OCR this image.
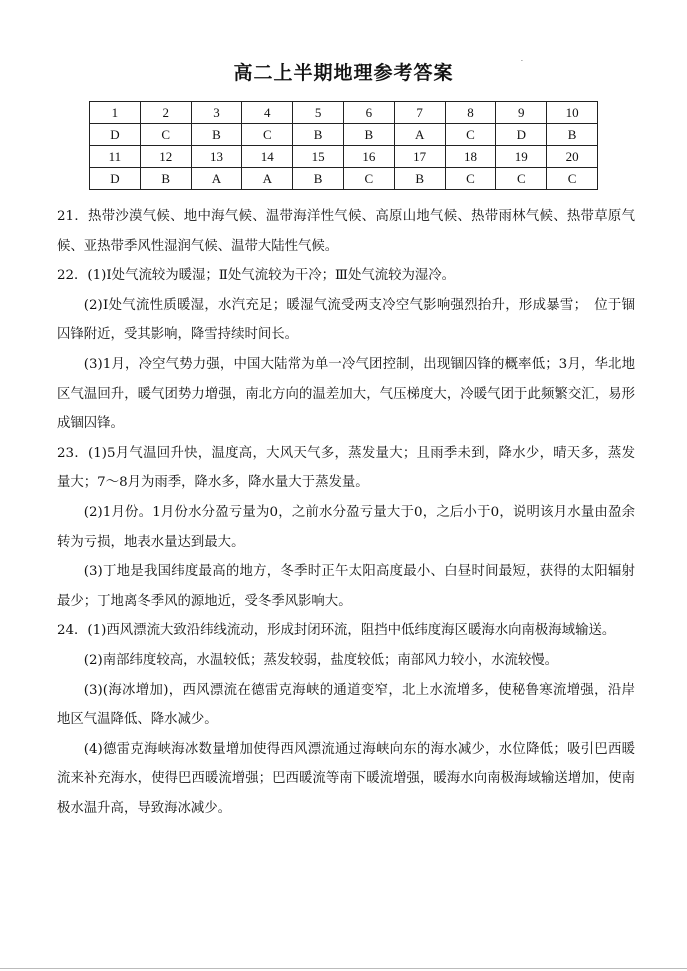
高二上半期地理参考答案
·
1	2	3	4	5	6	7	8	9	10
D	C	B	C	B	B	A	C	D	B
11	12	13	14	15	16	17	18	19	20
D	B	A	A	B	C	B	C	C	C

21．热带沙漠气候、地中海气候、温带海洋性气候、高原山地气候、热带雨林气候、热带草原气候、亚热带季风性湿润气候、温带大陆性气候。

22．(1)Ⅰ处气流较为暖湿；Ⅱ处气流较为干冷；Ⅲ处气流较为湿冷。

(2)Ⅰ处气流性质暖湿，水汽充足；暖湿气流受两支冷空气影响强烈抬升，形成暴雪；　位于锢囚锋附近，受其影响，降雪持续时间长。

(3)1月，冷空气势力强，中国大陆常为单一冷气团控制，出现锢囚锋的概率低；3月，华北地区气温回升，暖气团势力增强，南北方向的温差加大，气压梯度大，冷暖气团于此频繁交汇，易形成锢囚锋。

23．(1)5月气温回升快，温度高，大风天气多，蒸发量大；且雨季未到，降水少，晴天多，蒸发量大；7～8月为雨季，降水多，降水量大于蒸发量。

(2)1月份。1月份水分盈亏量为0，之前水分盈亏量大于0，之后小于0，说明该月水量由盈余转为亏损，地表水量达到最大。

(3)丁地是我国纬度最高的地方，冬季时正午太阳高度最小、白昼时间最短，获得的太阳辐射最少；丁地离冬季风的源地近，受冬季风影响大。

24．(1)西风漂流大致沿纬线流动，形成封闭环流，阻挡中低纬度海区暖海水向南极海域输送。

(2)南部纬度较高，水温较低；蒸发较弱，盐度较低；南部风力较小，水流较慢。

(3)(海冰增加)，西风漂流在德雷克海峡的通道变窄，北上水流增多，使秘鲁寒流增强，沿岸地区气温降低、降水减少。

(4)德雷克海峡海冰数量增加使得西风漂流通过海峡向东的海水减少，水位降低；吸引巴西暖流来补充海水，使得巴西暖流增强；巴西暖流等南下暖流增强，暖海水向南极海域输送增加，使南极水温升高，导致海冰减少。
